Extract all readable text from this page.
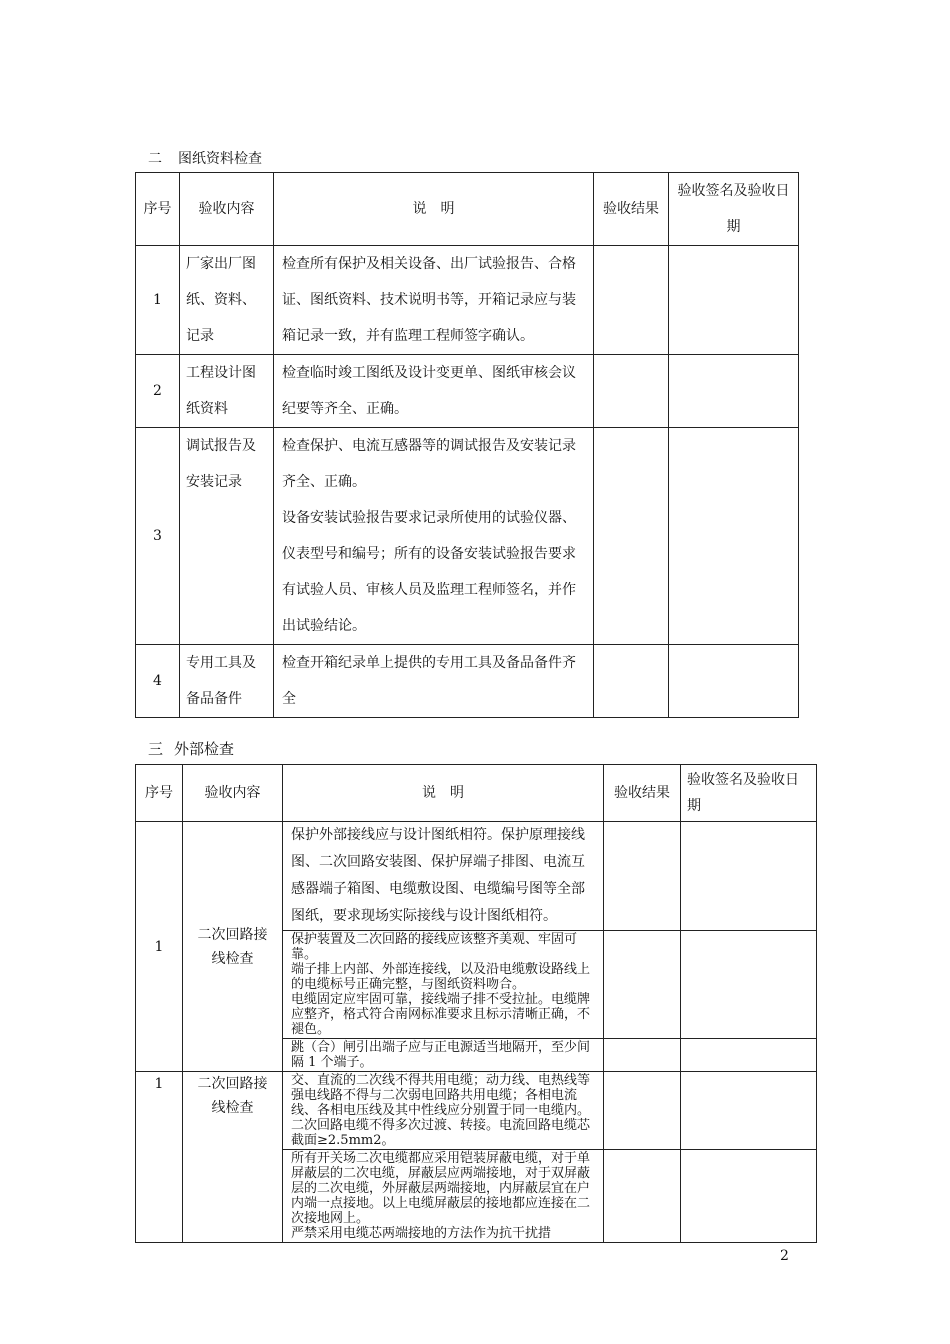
二 图纸资料检查
序号	验收内容	说　明	验收结果	验收签名及验收日期
1	厂家出厂图纸、资料、记录	检查所有保护及相关设备、出厂试验报告、合格证、图纸资料、技术说明书等，开箱记录应与装箱记录一致，并有监理工程师签字确认。		
2	工程设计图纸资料	检查临时竣工图纸及设计变更单、图纸审核会议纪要等齐全、正确。		
3	调试报告及安装记录	检查保护、电流互感器等的调试报告及安装记录齐全、正确。
设备安装试验报告要求记录所使用的试验仪器、仪表型号和编号；所有的设备安装试验报告要求有试验人员、审核人员及监理工程师签名，并作出试验结论。		

4	专用工具及备品备件	检查开箱纪录单上提供的专用工具及备品备件齐全		
三 外部检查
序号	验收内容	说　明	验收结果	验收签名及验收日期
1	二次回路接线检查	保护外部接线应与设计图纸相符。保护原理接线图、二次回路安装图、保护屏端子排图、电流互感器端子箱图、电缆敷设图、电缆编号图等全部图纸，要求现场实际接线与设计图纸相符。		

		保护装置及二次回路的接线应该整齐美观、牢固可靠。

端子排上内部、外部连接线，以及沿电缆敷设路线上的电缆标号正确完整，与图纸资料吻合。

电缆固定应牢固可靠，接线端子排不受拉扯。电缆牌应整齐，格式符合南网标准要求且标示清晰正确，不褪色。		

		跳（合）闸引出端子应与正电源适当地隔开，至少间隔 1 个端子。		
1	二次回路接线检查	交、直流的二次线不得共用电缆；动力线、电热线等强电线路不得与二次弱电回路共用电缆；各相电流线、各相电压线及其中性线应分别置于同一电缆内。二次回路电缆不得多次过渡、转接。电流回路电缆芯截面≥2.5mm2。		

		所有开关场二次电缆都应采用铠装屏蔽电缆，对于单屏蔽层的二次电缆，屏蔽层应两端接地，对于双屏蔽层的二次电缆，外屏蔽层两端接地，内屏蔽层宜在户内端一点接地。以上电缆屏蔽层的接地都应连接在二次接地网上。

严禁采用电缆芯两端接地的方法作为抗干扰措		

2
